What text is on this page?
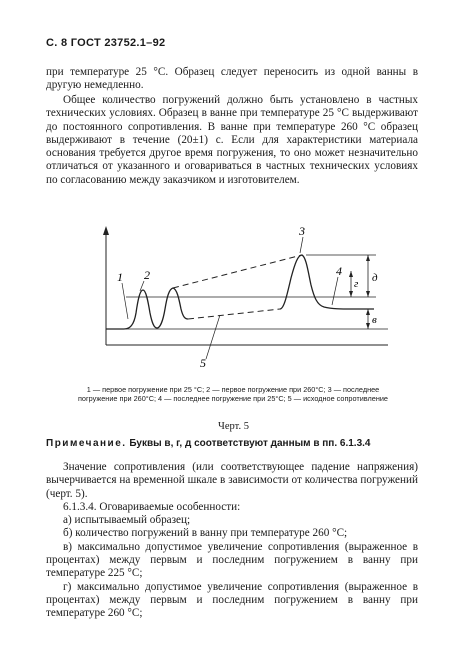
С. 8 ГОСТ 23752.1–92

при температуре 25 °С. Образец следует переносить из одной ванны в другую немедленно.

Общее количество погружений должно быть установлено в частных технических условиях. Образец в ванне при температуре 25 °С выдерживают до постоянного сопротивления. В ванне при температуре 260 °С образец выдерживают в течение (20±1) с. Если для характеристики материала основания требуется другое время погружения, то оно может незначительно отличаться от указанного и оговариваться в частных технических условиях по согласованию между заказчиком и изготовителем.

1 2
3
4
5
г д
в
1 — первое погружение при 25 °С; 2 — первое погружение при 260°С; 3 — последнее погружение при 260°С; 4 — последнее погружение при 25°С; 5 — исходное сопротивление
Черт. 5
Примечание. Буквы в, г, д соответствуют данным в пп. 6.1.3.4

Значение сопротивления (или соответствующее падение напряжения) вычерчивается на временной шкале в зависимости от количества погружений (черт. 5).

6.1.3.4. Оговариваемые особенности:

а) испытываемый образец;

б) количество погружений в ванну при температуре 260 °С;

в) максимально допустимое увеличение сопротивления (выраженное в процентах) между первым и последним погружением в ванну при температуре 225 °С;

г) максимально допустимое увеличение сопротивления (выраженное в процентах) между первым и последним погружением в ванну при температуре 260 °С;
